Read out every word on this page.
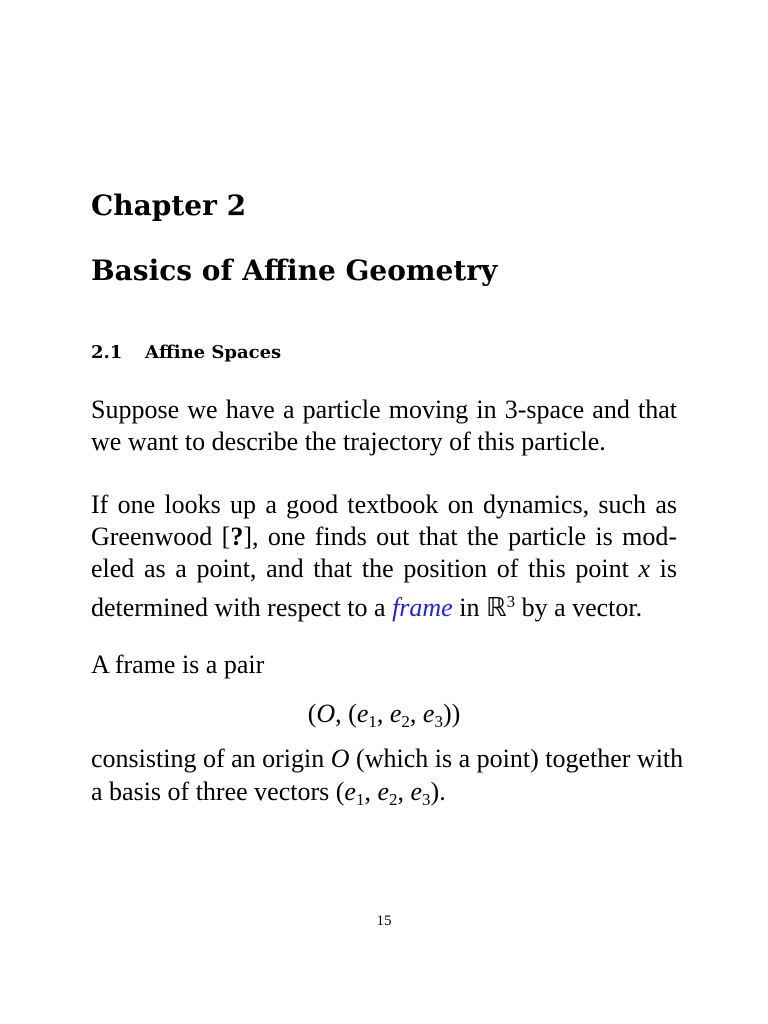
Chapter 2
Basics of Affine Geometry
2.1 Affine Spaces
Suppose we have a particle moving in 3-space and that
we want to describe the trajectory of this particle.
If one looks up a good textbook on dynamics, such as
Greenwood [?], one finds out that the particle is mod-
eled as a point, and that the position of this point x is
determined with respect to a frame in ℝ$^3$ by a vector.
A frame is a pair
(O, ($e_1$, $e_2$, $e_3$))
consisting of an origin O (which is a point) together with
a basis of three vectors ($e_1$, $e_2$, $e_3$).
15
